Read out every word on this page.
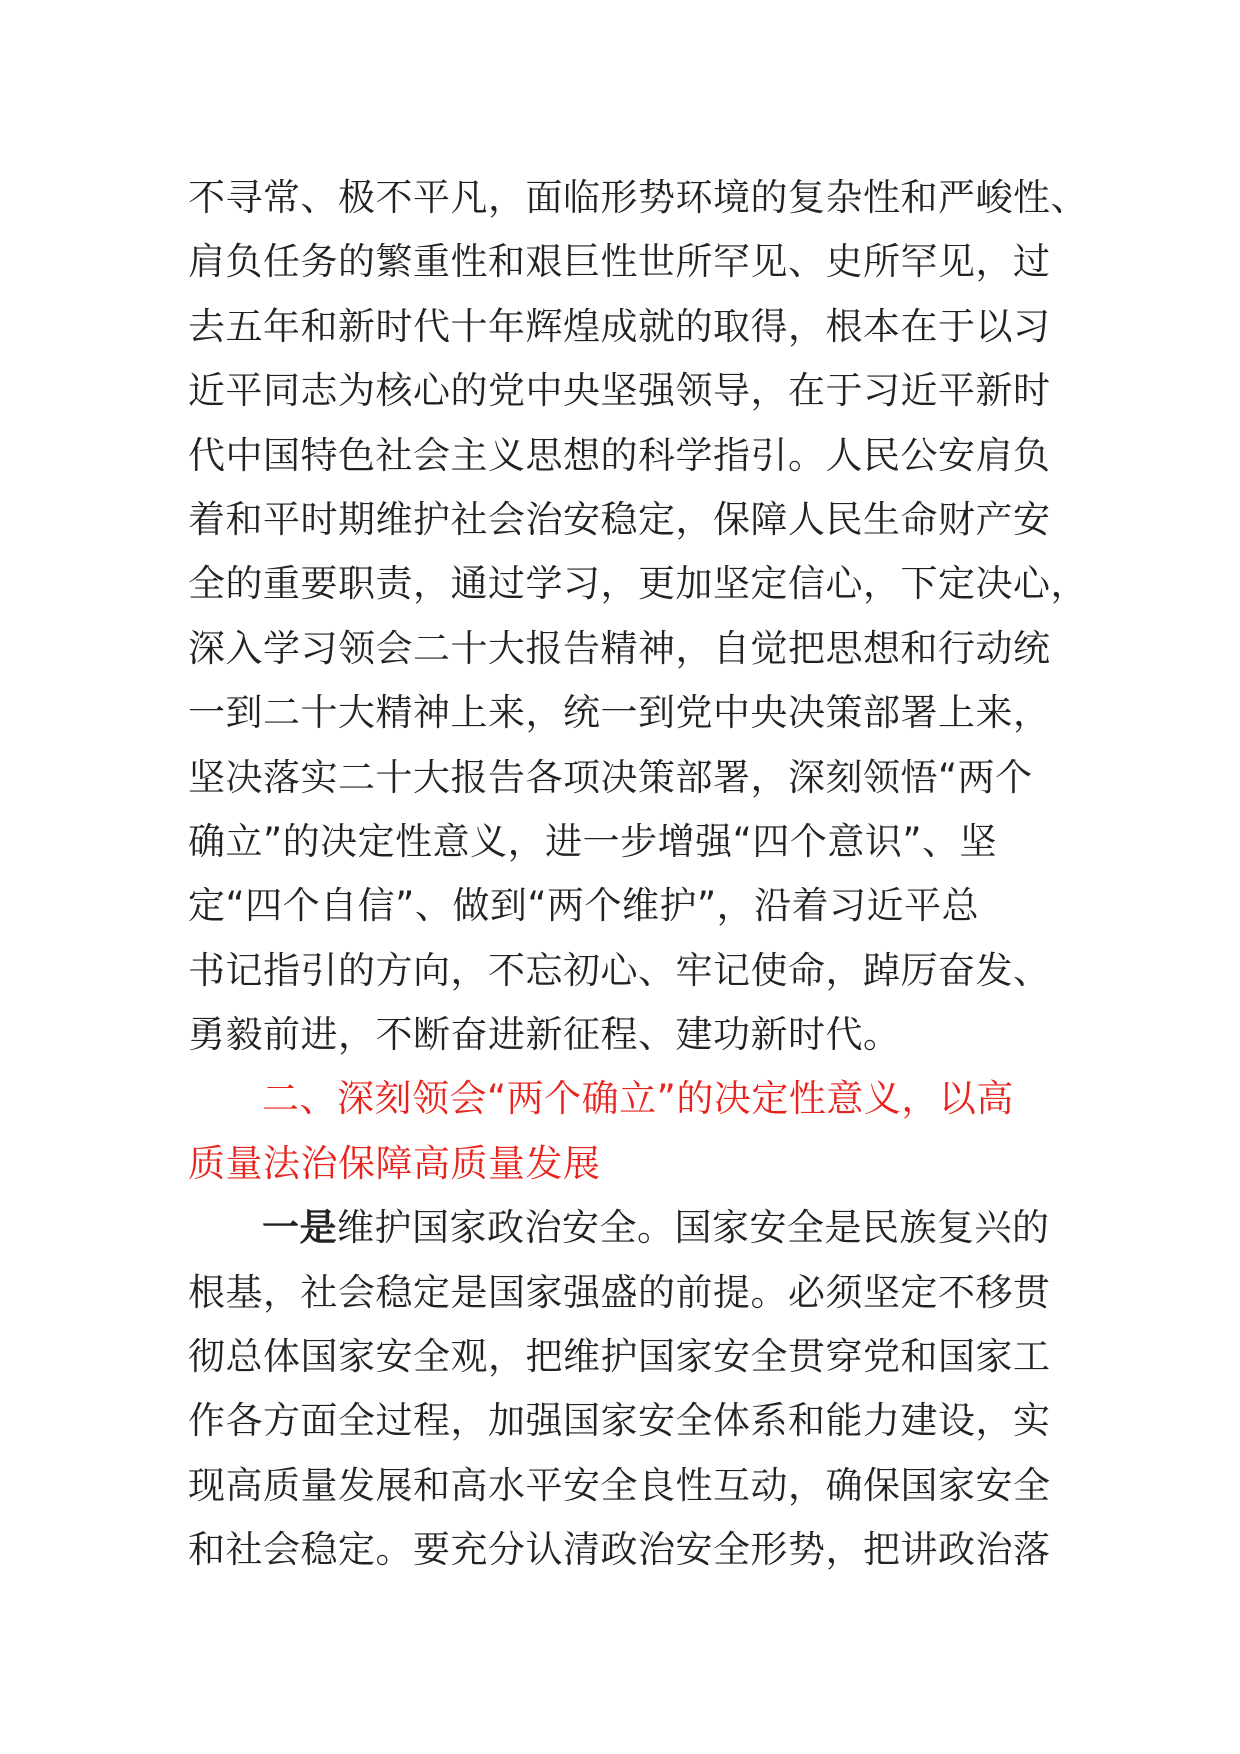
不寻常、极不平凡，面临形势环境的复杂性和严峻性、
肩负任务的繁重性和艰巨性世所罕见、史所罕见，过
去五年和新时代十年辉煌成就的取得，根本在于以习
近平同志为核心的党中央坚强领导，在于习近平新时
代中国特色社会主义思想的科学指引。人民公安肩负
着和平时期维护社会治安稳定，保障人民生命财产安
全的重要职责，通过学习，更加坚定信心，下定决心，
深入学习领会二十大报告精神，自觉把思想和行动统
一到二十大精神上来，统一到党中央决策部署上来，
坚决落实二十大报告各项决策部署，深刻领悟“两个
确立”的决定性意义，进一步增强“四个意识”、坚
定“四个自信”、做到“两个维护”，沿着习近平总
书记指引的方向，不忘初心、牢记使命，踔厉奋发、
勇毅前进，不断奋进新征程、建功新时代。
二、深刻领会“两个确立”的决定性意义，以高
质量法治保障高质量发展
一是维护国家政治安全。国家安全是民族复兴的
根基，社会稳定是国家强盛的前提。必须坚定不移贯
彻总体国家安全观，把维护国家安全贯穿党和国家工
作各方面全过程，加强国家安全体系和能力建设，实
现高质量发展和高水平安全良性互动，确保国家安全
和社会稳定。要充分认清政治安全形势，把讲政治落
